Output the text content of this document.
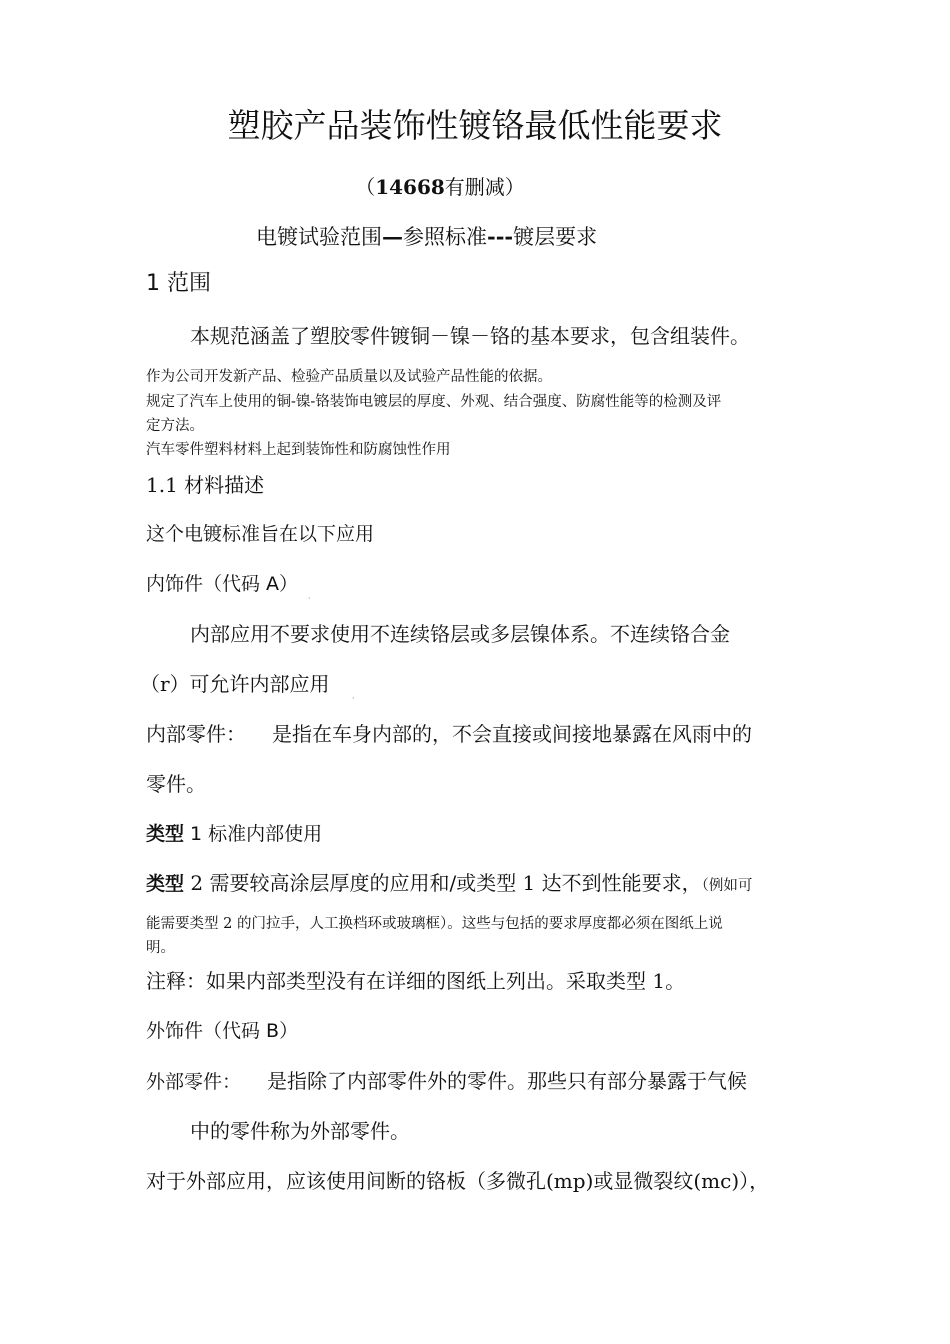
塑胶产品装饰性镀铬最低性能要求
（14668有删减）
电镀试验范围—参照标准---镀层要求
1 范围
本规范涵盖了塑胶零件镀铜－镍－铬的基本要求，包含组装件。
作为公司开发新产品、检验产品质量以及试验产品性能的依据。
规定了汽车上使用的铜-镍-铬装饰电镀层的厚度、外观、结合强度、防腐性能等的检测及评
定方法。
汽车零件塑料材料上起到装饰性和防腐蚀性作用
1.1 材料描述
这个电镀标准旨在以下应用
内饰件（代码 A）
·
内部应用不要求使用不连续铬层或多层镍体系。不连续铬合金
（r）可允许内部应用
·
内部零件： 是指在车身内部的，不会直接或间接地暴露在风雨中的
零件。
类型 1 标准内部使用
类型 2 需要较高涂层厚度的应用和/或类型 1 达不到性能要求，（例如可
能需要类型 2 的门拉手，人工换档环或玻璃框）。这些与包括的要求厚度都必须在图纸上说
明。
注释：如果内部类型没有在详细的图纸上列出。采取类型 1。
外饰件（代码 B）
外部零件： 是指除了内部零件外的零件。那些只有部分暴露于气候
中的零件称为外部零件。
对于外部应用，应该使用间断的铬板（多微孔(mp)或显微裂纹(mc)），
